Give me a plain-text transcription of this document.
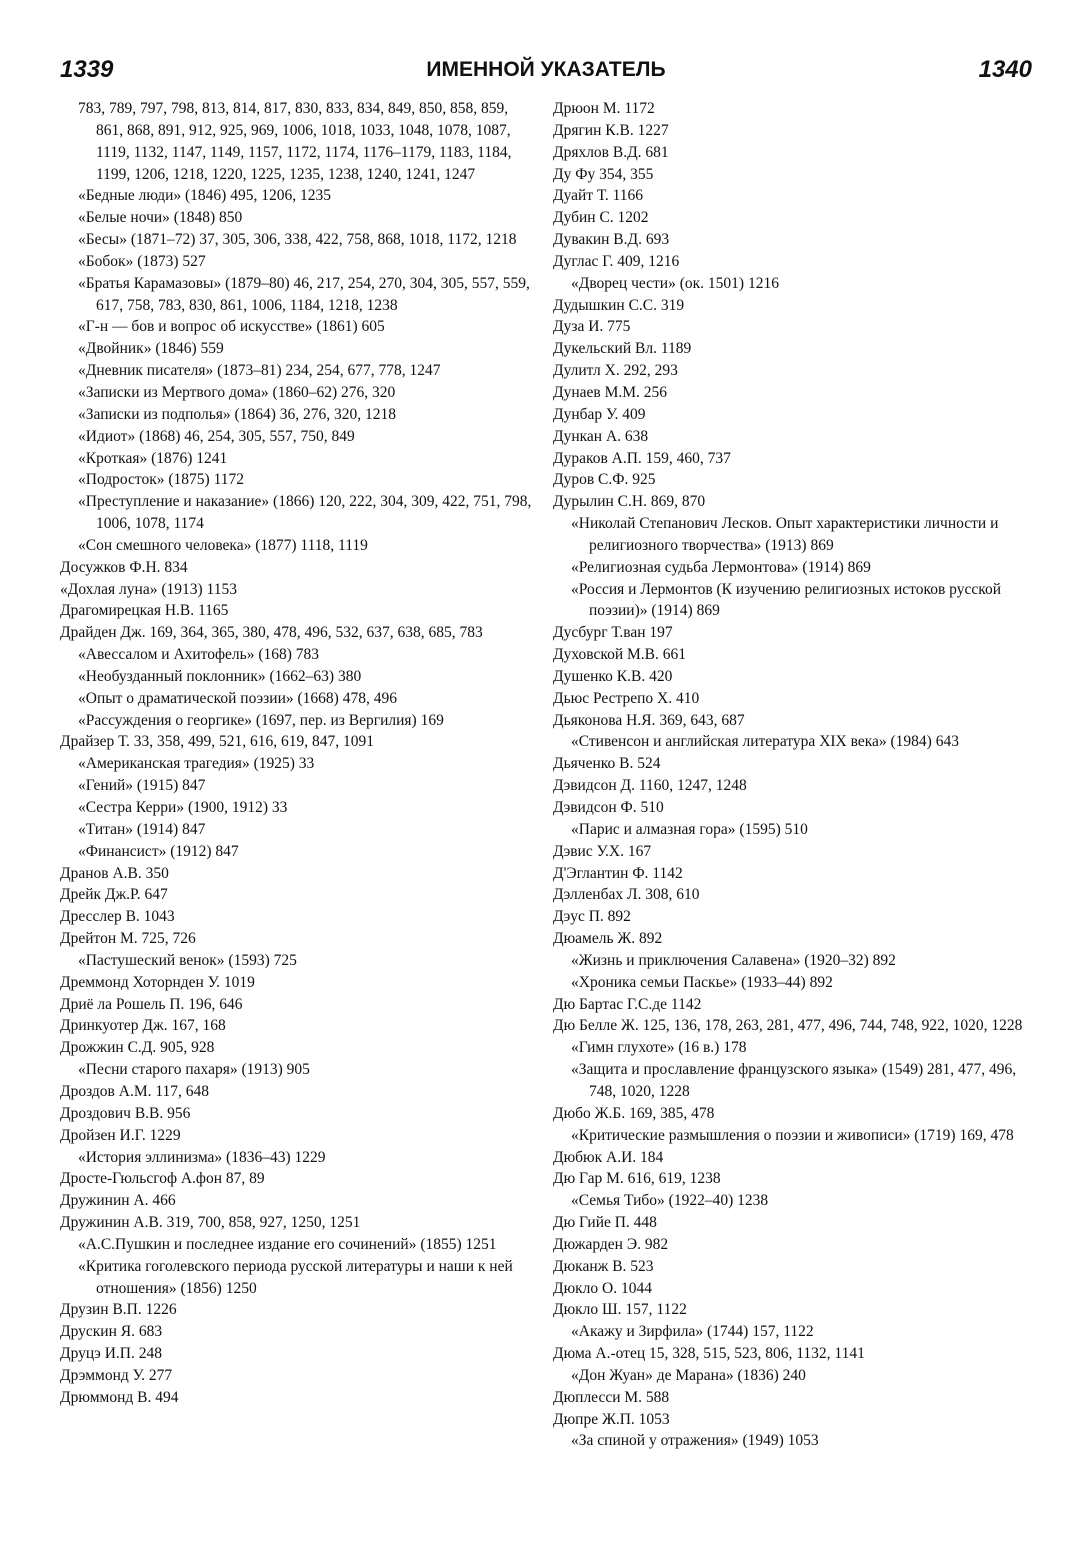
1339	ИМЕННОЙ УКАЗАТЕЛЬ	1340

783, 789, 797, 798, 813, 814, 817, 830, 833, 834, 849, 850, 858, 859, 861, 868, 891, 912, 925, 969, 1006, 1018, 1033, 1048, 1078, 1087, 1119, 1132, 1147, 1149, 1157, 1172, 1174, 1176–1179, 1183, 1184, 1199, 1206, 1218, 1220, 1225, 1235, 1238, 1240, 1241, 1247

«Бедные люди» (1846) 495, 1206, 1235

«Белые ночи» (1848) 850

«Бесы» (1871–72) 37, 305, 306, 338, 422, 758, 868, 1018, 1172, 1218

«Бобок» (1873) 527

«Братья Карамазовы» (1879–80) 46, 217, 254, 270, 304, 305, 557, 559, 617, 758, 783, 830, 861, 1006, 1184, 1218, 1238

«Г-н — бов и вопрос об искусстве» (1861) 605

«Двойник» (1846) 559

«Дневник писателя» (1873–81) 234, 254, 677, 778, 1247

«Записки из Мертвого дома» (1860–62) 276, 320

«Записки из подполья» (1864) 36, 276, 320, 1218

«Идиот» (1868) 46, 254, 305, 557, 750, 849

«Кроткая» (1876) 1241

«Подросток» (1875) 1172

«Преступление и наказание» (1866) 120, 222, 304, 309, 422, 751, 798, 1006, 1078, 1174

«Сон смешного человека» (1877) 1118, 1119

Досужков Ф.Н. 834

«Дохлая луна» (1913) 1153

Драгомирецкая Н.В. 1165

Драйден Дж. 169, 364, 365, 380, 478, 496, 532, 637, 638, 685, 783

«Авессалом и Ахитофель» (168) 783

«Необузданный поклонник» (1662–63) 380

«Опыт о драматической поэзии» (1668) 478, 496

«Рассуждения о георгике» (1697, пер. из Вергилия) 169

Драйзер Т. 33, 358, 499, 521, 616, 619, 847, 1091

«Американская трагедия» (1925) 33

«Гений» (1915) 847

«Сестра Керри» (1900, 1912) 33

«Титан» (1914) 847

«Финансист» (1912) 847

Дранов А.В. 350

Дрейк Дж.Р. 647

Дресслер В. 1043

Дрейтон М. 725, 726

«Пастушеский венок» (1593) 725

Дреммонд Хоторнден У. 1019

Дриё ла Рошель П. 196, 646

Дринкуотер Дж. 167, 168

Дрожжин С.Д. 905, 928

«Песни старого пахаря» (1913) 905

Дроздов А.М. 117, 648

Дроздович В.В. 956

Дройзен И.Г. 1229

«История эллинизма» (1836–43) 1229

Дросте-Гюльсгоф А.фон 87, 89

Дружинин А. 466

Дружинин А.В. 319, 700, 858, 927, 1250, 1251

«А.С.Пушкин и последнее издание его сочинений» (1855) 1251

«Критика гоголевского периода русской литературы и наши к ней отношения» (1856) 1250

Друзин В.П. 1226

Друскин Я. 683

Друцэ И.П. 248

Дрэммонд У. 277

Дрюммонд В. 494

Дрюон М. 1172

Дрягин К.В. 1227

Дряхлов В.Д. 681

Ду Фу 354, 355

Дуайт Т. 1166

Дубин С. 1202

Дувакин В.Д. 693

Дуглас Г. 409, 1216

«Дворец чести» (ок. 1501) 1216

Дудышкин С.С. 319

Дуза И. 775

Дукельский Вл. 1189

Дулитл Х. 292, 293

Дунаев М.М. 256

Дунбар У. 409

Дункан А. 638

Дураков А.П. 159, 460, 737

Дуров С.Ф. 925

Дурылин С.Н. 869, 870

«Николай Степанович Лесков. Опыт характеристики личности и религиозного творчества» (1913) 869

«Религиозная судьба Лермонтова» (1914) 869

«Россия и Лермонтов (К изучению религиозных истоков русской поэзии)» (1914) 869

Дусбург Т.ван 197

Духовской М.В. 661

Душенко К.В. 420

Дьюс Рестрепо Х. 410

Дьяконова Н.Я. 369, 643, 687

«Стивенсон и английская литература XIX века» (1984) 643

Дьяченко В. 524

Дэвидсон Д. 1160, 1247, 1248

Дэвидсон Ф. 510

«Парис и алмазная гора» (1595) 510

Дэвис У.Х. 167

Д'Эглантин Ф. 1142

Дэлленбах Л. 308, 610

Дэус П. 892

Дюамель Ж. 892

«Жизнь и приключения Салавена» (1920–32) 892

«Хроника семьи Паскье» (1933–44) 892

Дю Бартас Г.С.де 1142

Дю Белле Ж. 125, 136, 178, 263, 281, 477, 496, 744, 748, 922, 1020, 1228

«Гимн глухоте» (16 в.) 178

«Защита и прославление французского языка» (1549) 281, 477, 496, 748, 1020, 1228

Дюбо Ж.Б. 169, 385, 478

«Критические размышления о поэзии и живописи» (1719) 169, 478

Дюбюк А.И. 184

Дю Гар М. 616, 619, 1238

«Семья Тибо» (1922–40) 1238

Дю Гийе П. 448

Дюжарден Э. 982

Дюканж В. 523

Дюкло О. 1044

Дюкло Ш. 157, 1122

«Акажу и Зирфила» (1744) 157, 1122

Дюма А.-отец 15, 328, 515, 523, 806, 1132, 1141

«Дон Жуан» де Марана» (1836) 240

Дюплесси М. 588

Дюпре Ж.П. 1053

«За спиной у отражения» (1949) 1053
